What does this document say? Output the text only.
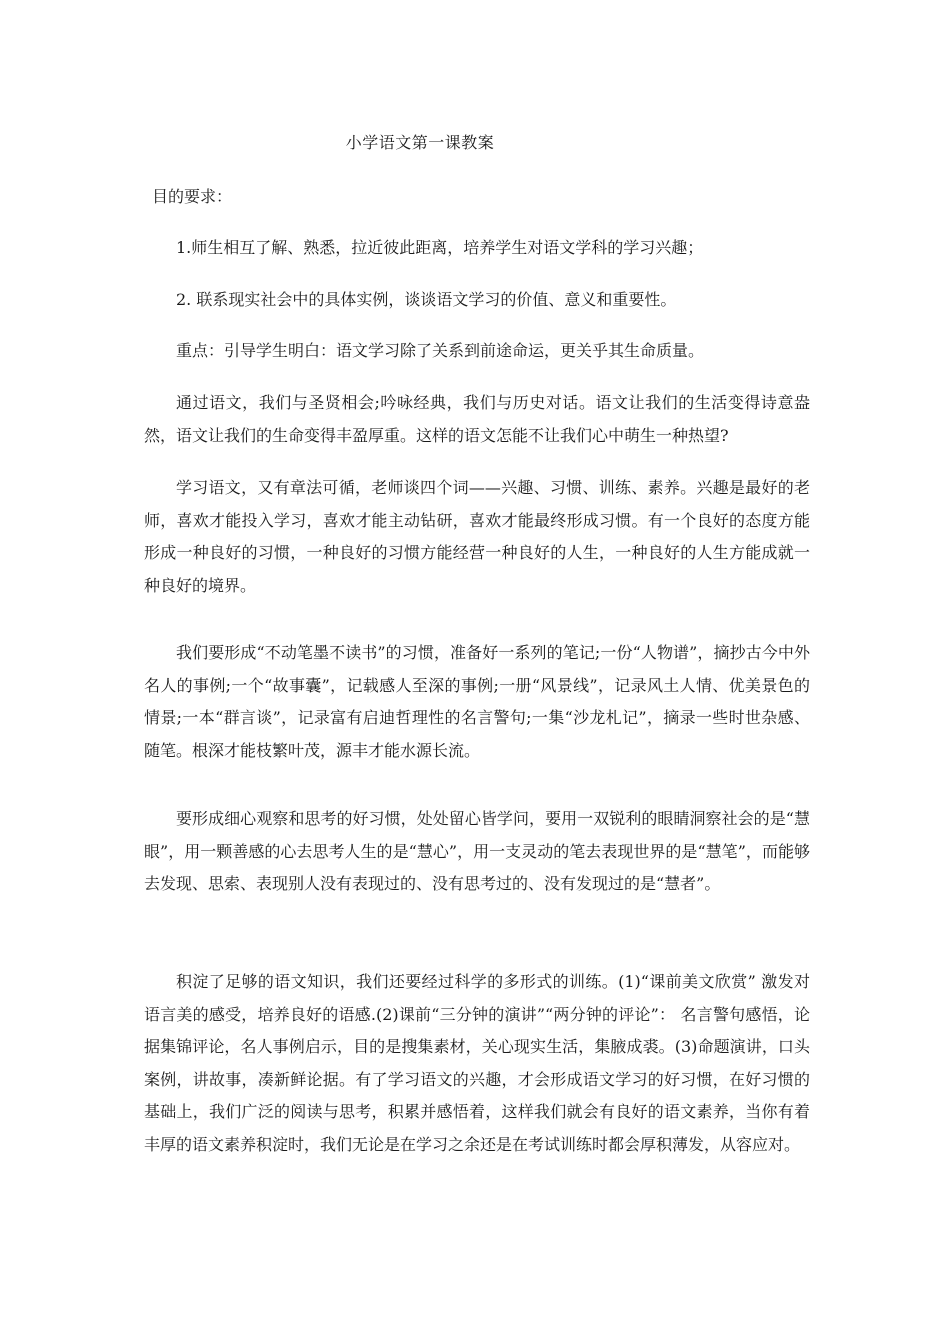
小学语文第一课教案
目的要求：
1.师生相互了解、熟悉，拉近彼此距离，培养学生对语文学科的学习兴趣；
2. 联系现实社会中的具体实例，谈谈语文学习的价值、意义和重要性。
重点：引导学生明白：语文学习除了关系到前途命运，更关乎其生命质量。
通过语文，我们与圣贤相会;吟咏经典，我们与历史对话。语文让我们的生活变得诗意盎然，语文让我们的生命变得丰盈厚重。这样的语文怎能不让我们心中萌生一种热望?
学习语文，又有章法可循，老师谈四个词——兴趣、习惯、训练、素养。兴趣是最好的老师，喜欢才能投入学习，喜欢才能主动钻研，喜欢才能最终形成习惯。有一个良好的态度方能形成一种良好的习惯，一种良好的习惯方能经营一种良好的人生，一种良好的人生方能成就一种良好的境界。
我们要形成“不动笔墨不读书”的习惯，准备好一系列的笔记;一份“人物谱”，摘抄古今中外名人的事例;一个“故事囊”，记载感人至深的事例;一册“风景线”，记录风土人情、优美景色的情景;一本“群言谈”，记录富有启迪哲理性的名言警句;一集“沙龙札记”，摘录一些时世杂感、随笔。根深才能枝繁叶茂，源丰才能水源长流。
要形成细心观察和思考的好习惯，处处留心皆学问，要用一双锐利的眼睛洞察社会的是“慧眼”，用一颗善感的心去思考人生的是“慧心”，用一支灵动的笔去表现世界的是“慧笔”，而能够去发现、思索、表现别人没有表现过的、没有思考过的、没有发现过的是“慧者”。
积淀了足够的语文知识，我们还要经过科学的多形式的训练。(1)“课前美文欣赏” 激发对语言美的感受，培养良好的语感.(2)课前“三分钟的演讲”“两分钟的评论”： 名言警句感悟，论据集锦评论，名人事例启示，目的是搜集素材，关心现实生活，集腋成裘。(3)命题演讲，口头案例，讲故事，凑新鲜论据。有了学习语文的兴趣，才会形成语文学习的好习惯，在好习惯的基础上，我们广泛的阅读与思考，积累并感悟着，这样我们就会有良好的语文素养，当你有着丰厚的语文素养积淀时，我们无论是在学习之余还是在考试训练时都会厚积薄发，从容应对。
